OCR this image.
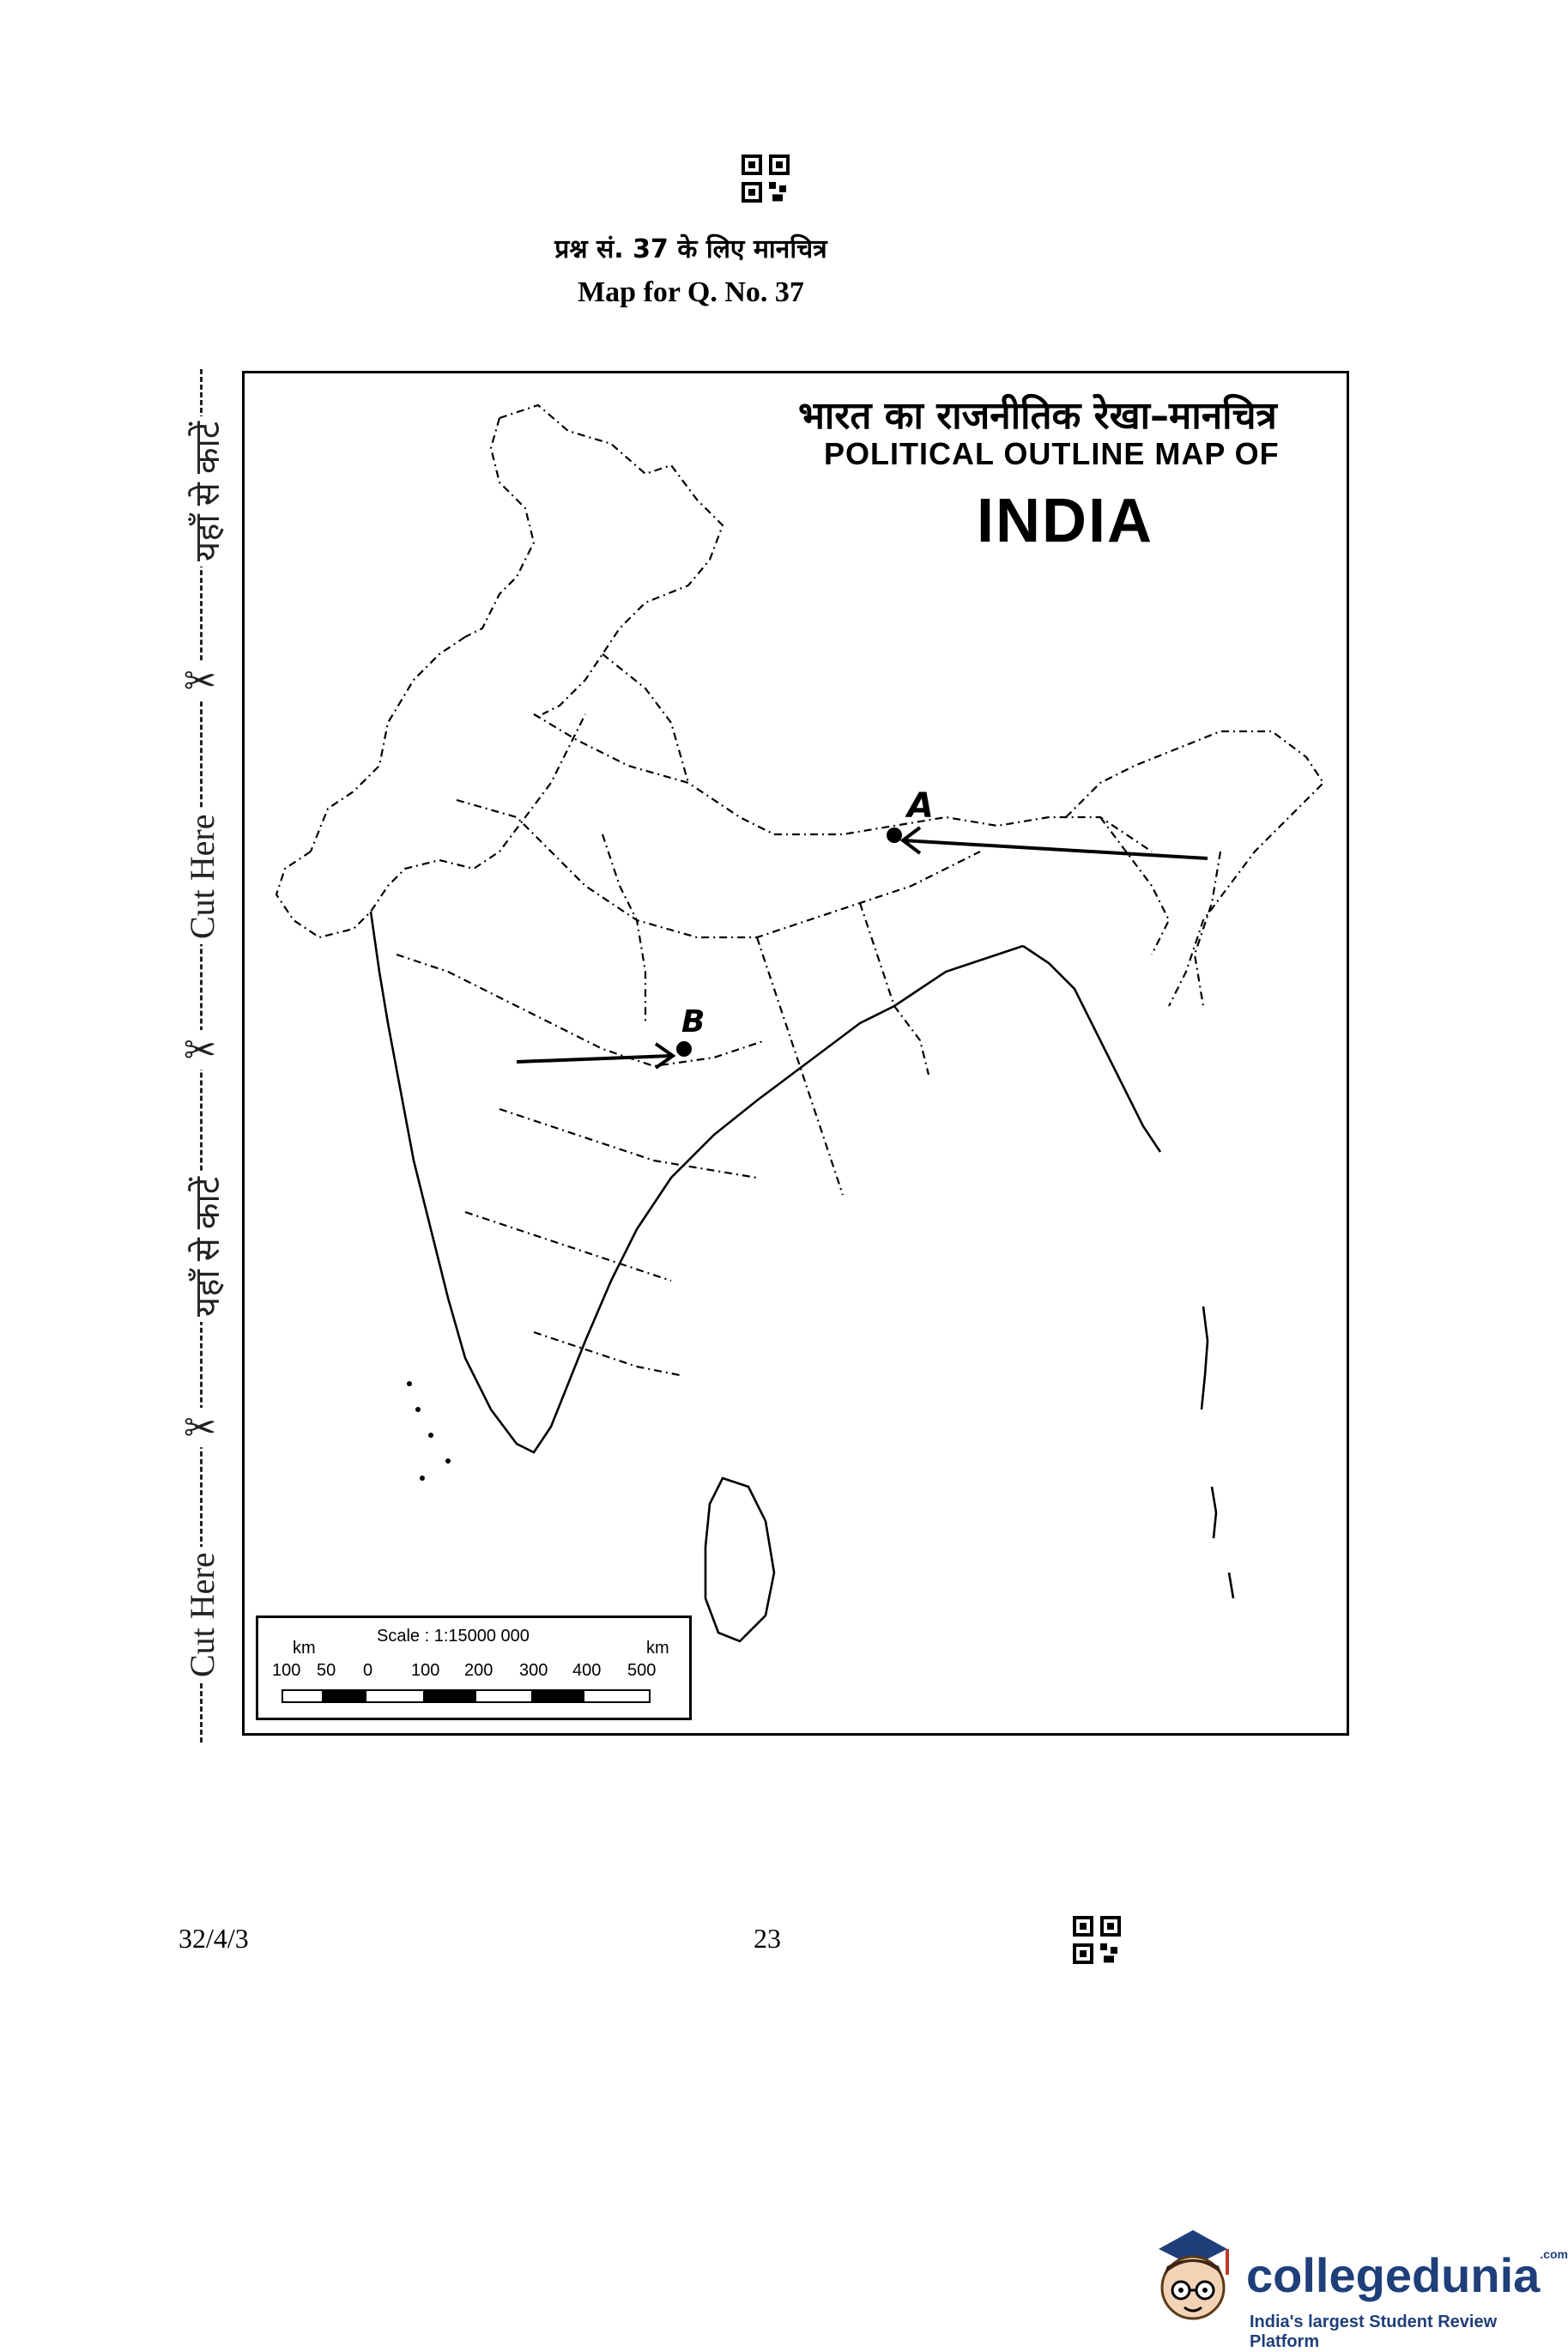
प्रश्न सं. 37 के लिए मानचित्र
Map for Q. No. 37
यहाँ से काटें
✂
Cut Here
✂
यहाँ से काटें
✂
Cut Here
भारत का राजनीतिक रेखा–मानचित्र
POLITICAL OUTLINE MAP OF
INDIA
A
B
km
Scale : 1:15000 000
km
100 50 0 100 200 300 400 500
32/4/3	23
collegedunia$^{.com}$
India's largest Student Review Platform
